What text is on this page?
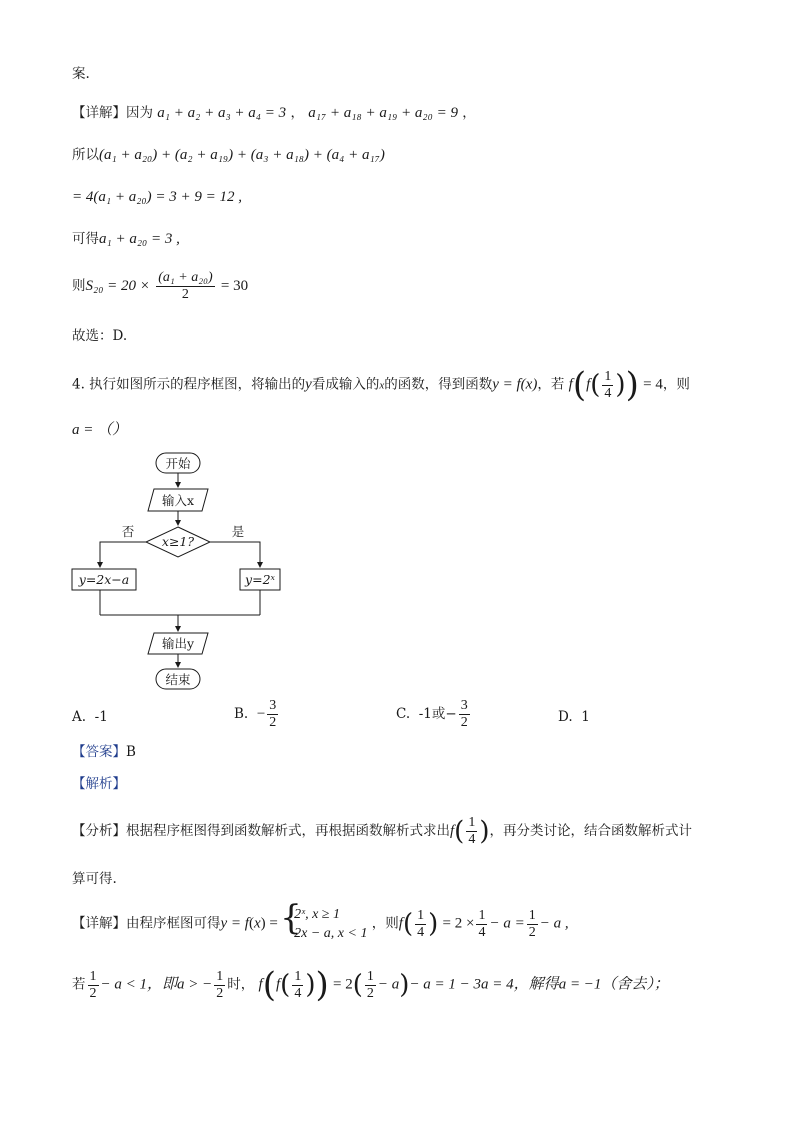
案.
【详解】因为 a₁ + a₂ + a₃ + a₄ = 3 ， a₁₇ + a₁₈ + a₁₉ + a₂₀ = 9 ，
所以(a₁ + a₂₀) + (a₂ + a₁₉) + (a₃ + a₁₈) + (a₄ + a₁₇)
= 4(a₁ + a₂₀) = 3 + 9 = 12 ,
可得a₁ + a₂₀ = 3 ,
则$S_{20} = 20 \times \frac{\text{(a₁ + a₂₀)}}{2} = 30$
故选：D.
4. 执行如图所示的程序框图，将输出的y看成输入的x的函数，得到函数y = f(x)，若 $f(f( \frac{1}{4}$ )) = 4，则
a = （）
开始
输入x
x≥1?
否	是
y=2x−a	y=2ˣ
输出y
结束
A. -1	B. − $\frac{3}{2}$	C. -1或− $\frac{3}{2}$	D. 1
【答案】B
【解析】
【分析】根据程序框图得到函数解析式，再根据函数解析式求出$f( \frac{1}{4}$ )，再分类讨论，结合函数解析式计
算可得.
【详解】由程序框图可得y = f(x) = {
2ˣ, x ≥ 1
2x − a, x < 1
，则$f( \frac{1}{4}$ ) = $2 \times \frac{1}{4} - a = \frac{1}{2} - a$ ,
若 $\frac{1}{2} - a < 1$，即a > − $\frac{1}{2}$ 时， $f(f( \frac{1}{4}$ )) = $2( \frac{1}{2} - a)- a = 1 - 3a = 4$，解得a = −1（舍去）；
